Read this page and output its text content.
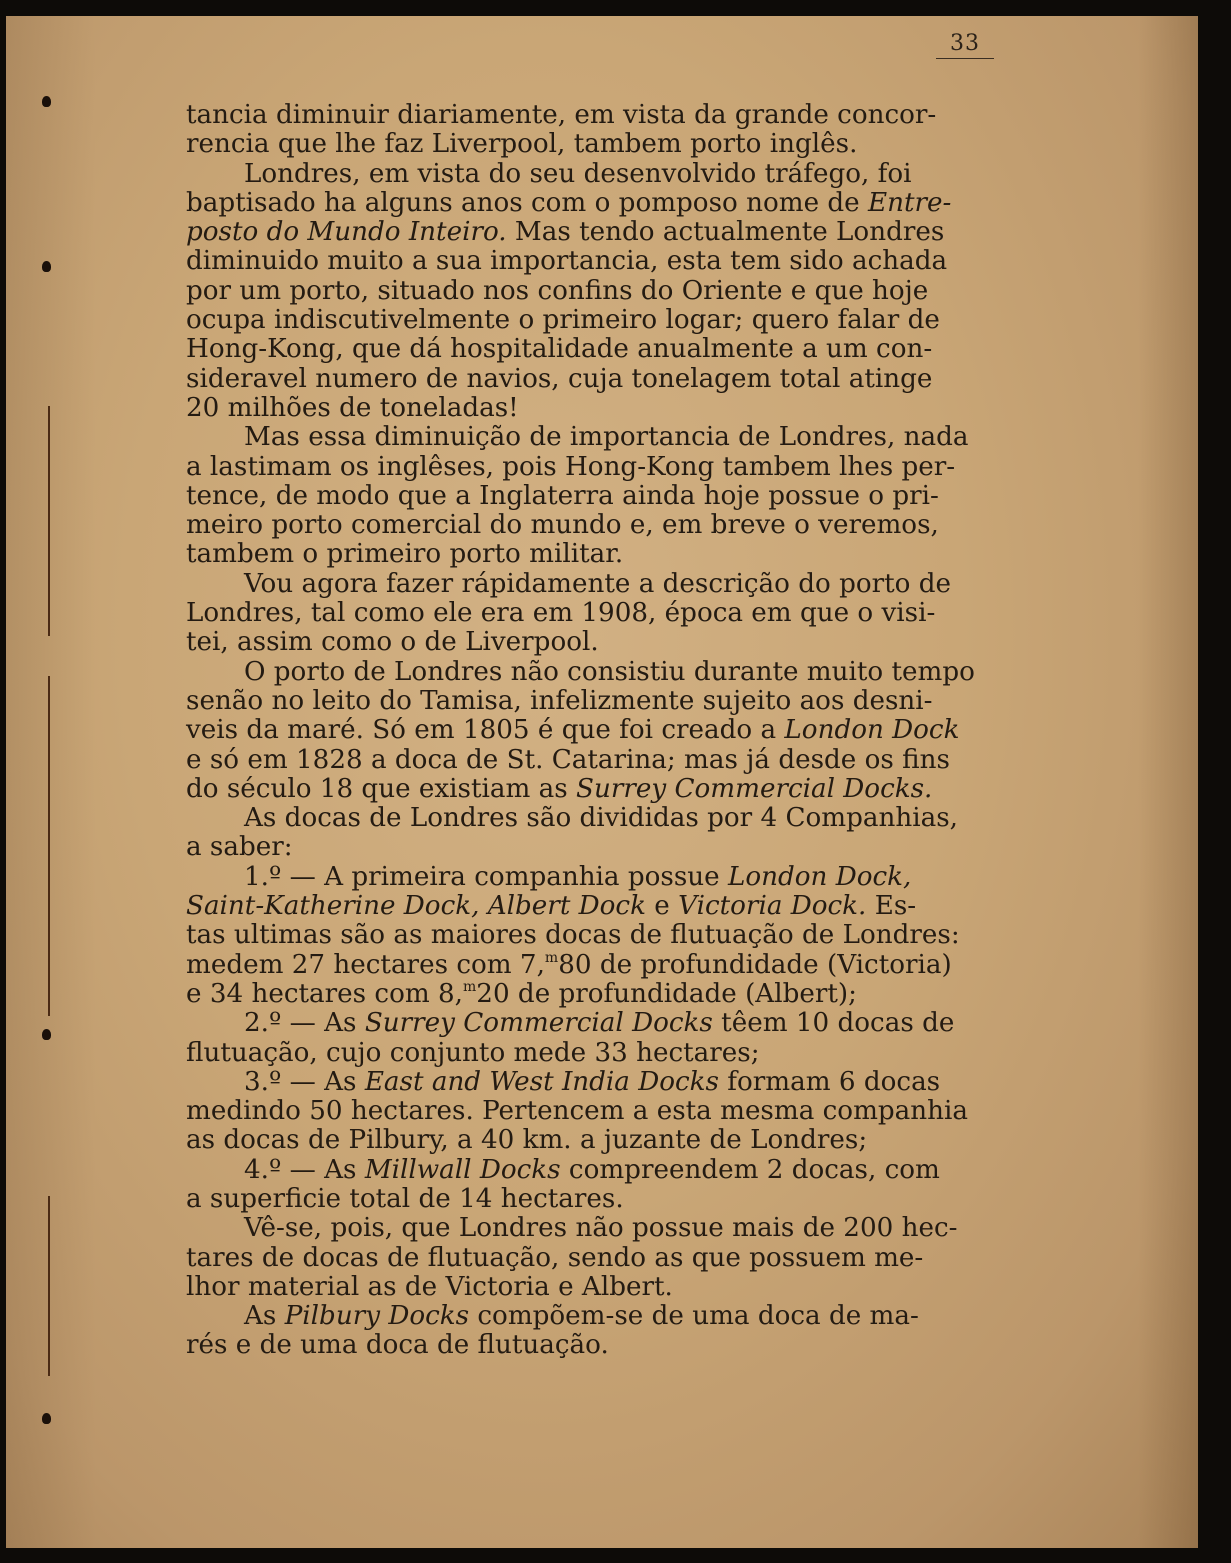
33
tancia diminuir diariamente, em vista da grande concor-
rencia que lhe faz Liverpool, tambem porto inglês.
Londres, em vista do seu desenvolvido tráfego, foi
baptisado ha alguns anos com o pomposo nome de Entre-
posto do Mundo Inteiro. Mas tendo actualmente Londres
diminuido muito a sua importancia, esta tem sido achada
por um porto, situado nos confins do Oriente e que hoje
ocupa indiscutivelmente o primeiro logar; quero falar de
Hong-Kong, que dá hospitalidade anualmente a um con-
sideravel numero de navios, cuja tonelagem total atinge
20 milhões de toneladas!
Mas essa diminuição de importancia de Londres, nada
a lastimam os inglêses, pois Hong-Kong tambem lhes per-
tence, de modo que a Inglaterra ainda hoje possue o pri-
meiro porto comercial do mundo e, em breve o veremos,
tambem o primeiro porto militar.
Vou agora fazer rápidamente a descrição do porto de
Londres, tal como ele era em 1908, época em que o visi-
tei, assim como o de Liverpool.
O porto de Londres não consistiu durante muito tempo
senão no leito do Tamisa, infelizmente sujeito aos desni-
veis da maré. Só em 1805 é que foi creado a London Dock
e só em 1828 a doca de St. Catarina; mas já desde os fins
do século 18 que existiam as Surrey Commercial Docks.
As docas de Londres são divididas por 4 Companhias,
a saber:
1.º — A primeira companhia possue London Dock,
Saint-Katherine Dock, Albert Dock e Victoria Dock. Es-
tas ultimas são as maiores docas de flutuação de Londres:
medem 27 hectares com 7,$^m$80 de profundidade (Victoria)
e 34 hectares com 8,$^m$20 de profundidade (Albert);
2.º — As Surrey Commercial Docks têem 10 docas de
flutuação, cujo conjunto mede 33 hectares;
3.º — As East and West India Docks formam 6 docas
medindo 50 hectares. Pertencem a esta mesma companhia
as docas de Pilbury, a 40 km. a juzante de Londres;
4.º — As Millwall Docks compreendem 2 docas, com
a superficie total de 14 hectares.
Vê-se, pois, que Londres não possue mais de 200 hec-
tares de docas de flutuação, sendo as que possuem me-
lhor material as de Victoria e Albert.
As Pilbury Docks compõem-se de uma doca de ma-
rés e de uma doca de flutuação.
